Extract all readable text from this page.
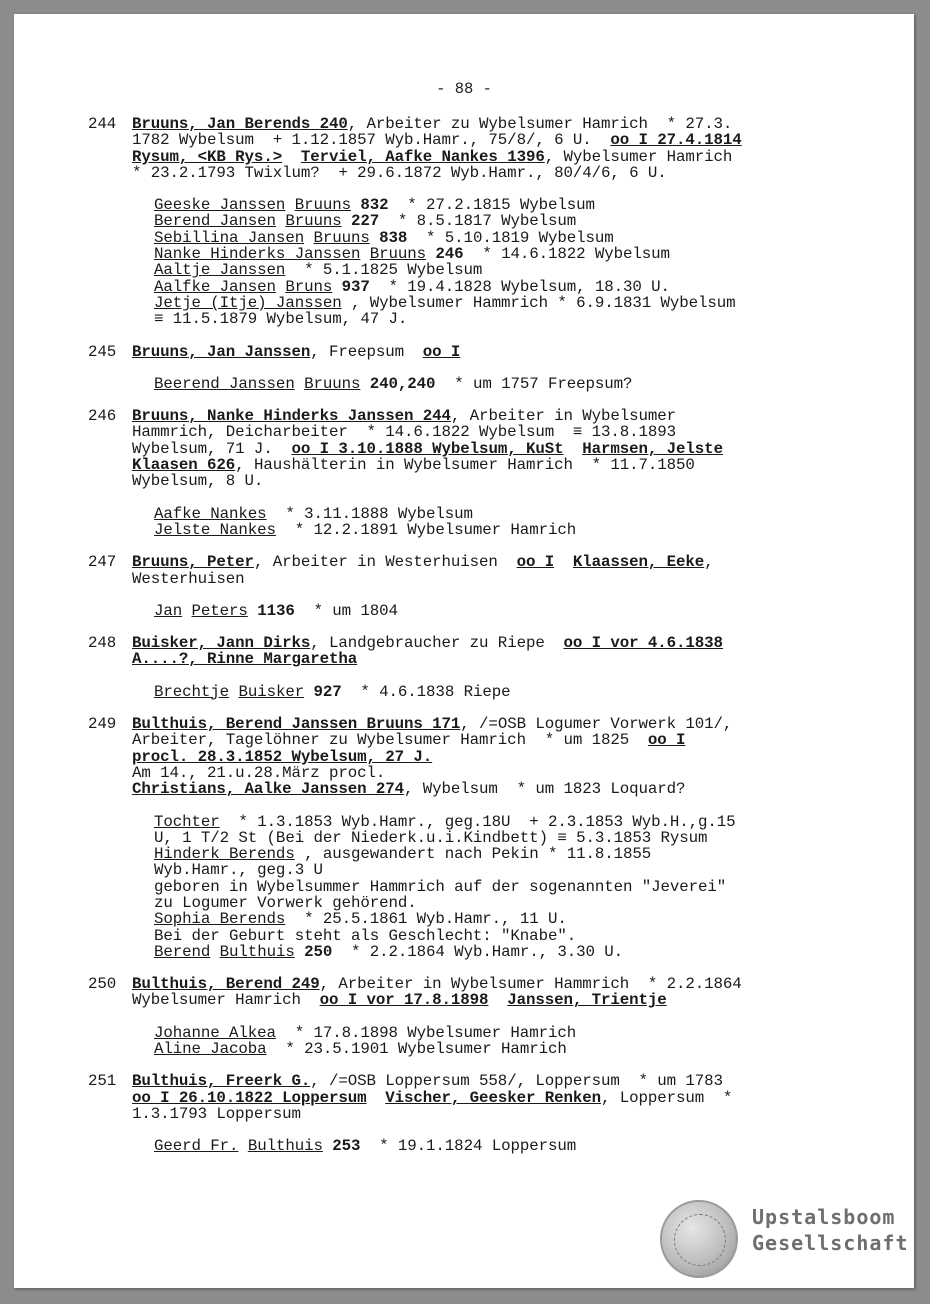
- 88 -
244 Bruuns, Jan Berends 240, Arbeiter zu Wybelsumer Hamrich  * 27.3.
1782 Wybelsum  + 1.12.1857 Wyb.Hamr., 75/8/, 6 U.  oo I 27.4.1814
Rysum, <KB Rys.> Terviel, Aafke Nankes 1396, Wybelsumer Hamrich
* 23.2.1793 Twixlum?  + 29.6.1872 Wyb.Hamr., 80/4/6, 6 U.
Geeske Janssen Bruuns 832  * 27.2.1815 Wybelsum
Berend Jansen Bruuns 227  * 8.5.1817 Wybelsum
Sebillina Jansen Bruuns 838  * 5.10.1819 Wybelsum
Nanke Hinderks Janssen Bruuns 246  * 14.6.1822 Wybelsum
Aaltje Janssen  * 5.1.1825 Wybelsum
Aalfke Jansen Bruns 937  * 19.4.1828 Wybelsum, 18.30 U.
Jetje (Itje) Janssen , Wybelsumer Hammrich * 6.9.1831 Wybelsum
≡ 11.5.1879 Wybelsum, 47 J.
245 Bruuns, Jan Janssen, Freepsum  oo I
Beerend Janssen Bruuns 240,240  * um 1757 Freepsum?
246 Bruuns, Nanke Hinderks Janssen 244, Arbeiter in Wybelsumer
Hammrich, Deicharbeiter  * 14.6.1822 Wybelsum  ≡ 13.8.1893
Wybelsum, 71 J.  oo I 3.10.1888 Wybelsum, KuSt Harmsen, Jelste
Klaasen 626, Haushälterin in Wybelsumer Hamrich  * 11.7.1850
Wybelsum, 8 U.
Aafke Nankes  * 3.11.1888 Wybelsum
Jelste Nankes  * 12.2.1891 Wybelsumer Hamrich
247 Bruuns, Peter, Arbeiter in Westerhuisen  oo I Klaassen, Eeke,
Westerhuisen
Jan Peters 1136  * um 1804
248 Buisker, Jann Dirks, Landgebraucher zu Riepe  oo I vor 4.6.1838
A....?, Rinne Margaretha
Brechtje Buisker 927  * 4.6.1838 Riepe
249 Bulthuis, Berend Janssen Bruuns 171, /=OSB Logumer Vorwerk 101/,
Arbeiter, Tagelöhner zu Wybelsumer Hamrich  * um 1825  oo I
procl. 28.3.1852 Wybelsum, 27 J.
Am 14., 21.u.28.März procl.
Christians, Aalke Janssen 274, Wybelsum  * um 1823 Loquard?
Tochter  * 1.3.1853 Wyb.Hamr., geg.18U  + 2.3.1853 Wyb.H.,g.15
U, 1 T/2 St (Bei der Niederk.u.i.Kindbett) ≡ 5.3.1853 Rysum
Hinderk Berends , ausgewandert nach Pekin * 11.8.1855
Wyb.Hamr., geg.3 U
geboren in Wybelsummer Hammrich auf der sogenannten "Jeverei"
zu Logumer Vorwerk gehörend.
Sophia Berends  * 25.5.1861 Wyb.Hamr., 11 U.
Bei der Geburt steht als Geschlecht: "Knabe".
Berend Bulthuis 250  * 2.2.1864 Wyb.Hamr., 3.30 U.
250 Bulthuis, Berend 249, Arbeiter in Wybelsumer Hammrich  * 2.2.1864
Wybelsumer Hamrich  oo I vor 17.8.1898 Janssen, Trientje
Johanne Alkea  * 17.8.1898 Wybelsumer Hamrich
Aline Jacoba  * 23.5.1901 Wybelsumer Hamrich
251 Bulthuis, Freerk G., /=OSB Loppersum 558/, Loppersum  * um 1783
oo I 26.10.1822 Loppersum Vischer, Geesker Renken, Loppersum  *
1.3.1793 Loppersum
Geerd Fr. Bulthuis 253  * 19.1.1824 Loppersum
Upstalsboom
Gesellschaft
